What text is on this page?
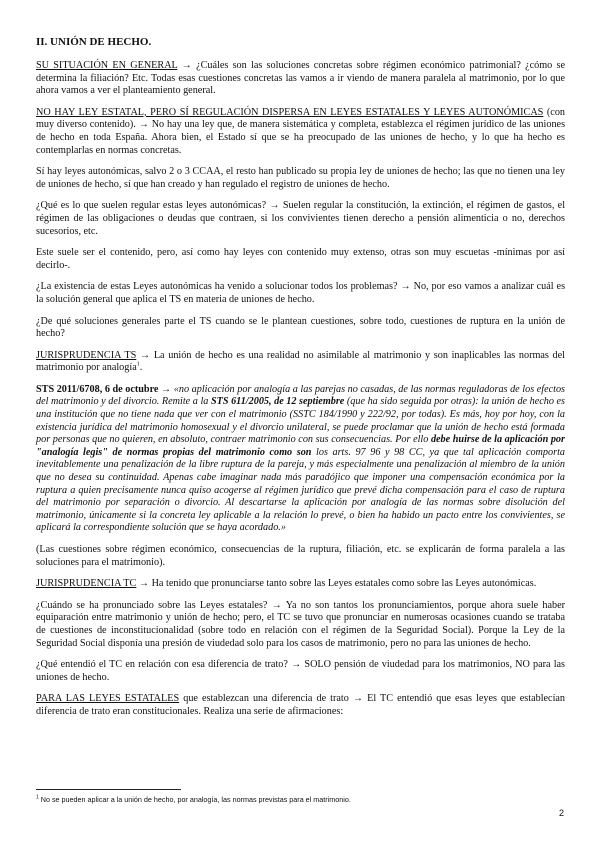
II. UNIÓN DE HECHO.

SU SITUACIÓN EN GENERAL → ¿Cuáles son las soluciones concretas sobre régimen económico patrimonial? ¿cómo se determina la filiación? Etc. Todas esas cuestiones concretas las vamos a ir viendo de manera paralela al matrimonio, por lo que ahora vamos a ver el planteamiento general.

NO HAY LEY ESTATAL, PERO SÍ REGULACIÓN DISPERSA EN LEYES ESTATALES Y LEYES AUTONÓMICAS (con muy diverso contenido). → No hay una ley que, de manera sistemática y completa, establezca el régimen jurídico de las uniones de hecho en toda España. Ahora bien, el Estado sí que se ha preocupado de las uniones de hecho, y lo que ha hecho es contemplarlas en normas concretas.

Sí hay leyes autonómicas, salvo 2 o 3 CCAA, el resto han publicado su propia ley de uniones de hecho; las que no tienen una ley de uniones de hecho, sí que han creado y han regulado el registro de uniones de hecho.

¿Qué es lo que suelen regular estas leyes autonómicas? → Suelen regular la constitución, la extinción, el régimen de gastos, el régimen de las obligaciones o deudas que contraen, si los convivientes tienen derecho a pensión alimenticia o no, derechos sucesorios, etc.

Este suele ser el contenido, pero, así como hay leyes con contenido muy extenso, otras son muy escuetas -mínimas por así decirlo-.

¿La existencia de estas Leyes autonómicas ha venido a solucionar todos los problemas? → No, por eso vamos a analizar cuál es la solución general que aplica el TS en materia de uniones de hecho.

¿De qué soluciones generales parte el TS cuando se le plantean cuestiones, sobre todo, cuestiones de ruptura en la unión de hecho?

JURISPRUDENCIA TS → La unión de hecho es una realidad no asimilable al matrimonio y son inaplicables las normas del matrimonio por analogía$^1$.

STS 2011/6708, 6 de octubre → «no aplicación por analogía a las parejas no casadas, de las normas reguladoras de los efectos del matrimonio y del divorcio. Remite a la STS 611/2005, de 12 septiembre (que ha sido seguida por otras): la unión de hecho es una institución que no tiene nada que ver con el matrimonio (SSTC 184/1990 y 222/92, por todas). Es más, hoy por hoy, con la existencia jurídica del matrimonio homosexual y el divorcio unilateral, se puede proclamar que la unión de hecho está formada por personas que no quieren, en absoluto, contraer matrimonio con sus consecuencias. Por ello debe huirse de la aplicación por "analogía legis" de normas propias del matrimonio como son los arts. 97 96 y 98 CC, ya que tal aplicación comporta inevitablemente una penalización de la libre ruptura de la pareja, y más especialmente una penalización al miembro de la unión que no desea su continuidad. Apenas cabe imaginar nada más paradójico que imponer una compensación económica por la ruptura a quien precisamente nunca quiso acogerse al régimen jurídico que prevé dicha compensación para el caso de ruptura del matrimonio por separación o divorcio. Al descartarse la aplicación por analogía de las normas sobre disolución del matrimonio, únicamente si la concreta ley aplicable a la relación lo prevé, o bien ha habido un pacto entre los convivientes, se aplicará la correspondiente solución que se haya acordado.»

(Las cuestiones sobre régimen económico, consecuencias de la ruptura, filiación, etc. se explicarán de forma paralela a las soluciones para el matrimonio).

JURISPRUDENCIA TC → Ha tenido que pronunciarse tanto sobre las Leyes estatales como sobre las Leyes autonómicas.

¿Cuándo se ha pronunciado sobre las Leyes estatales? → Ya no son tantos los pronunciamientos, porque ahora suele haber equiparación entre matrimonio y unión de hecho; pero, el TC se tuvo que pronunciar en numerosas ocasiones cuando se trataba de cuestiones de inconstitucionalidad (sobre todo en relación con el régimen de la Seguridad Social). Porque la Ley de la Seguridad Social disponía una presión de viudedad solo para los casos de matrimonio, pero no para las uniones de hecho.

¿Qué entendió el TC en relación con esa diferencia de trato? → SOLO pensión de viudedad para los matrimonios, NO para las uniones de hecho.

PARA LAS LEYES ESTATALES que establezcan una diferencia de trato → El TC entendió que esas leyes que establecían diferencia de trato eran constitucionales. Realiza una serie de afirmaciones:

$^1$ No se pueden aplicar a la unión de hecho, por analogía, las normas previstas para el matrimonio.
2
